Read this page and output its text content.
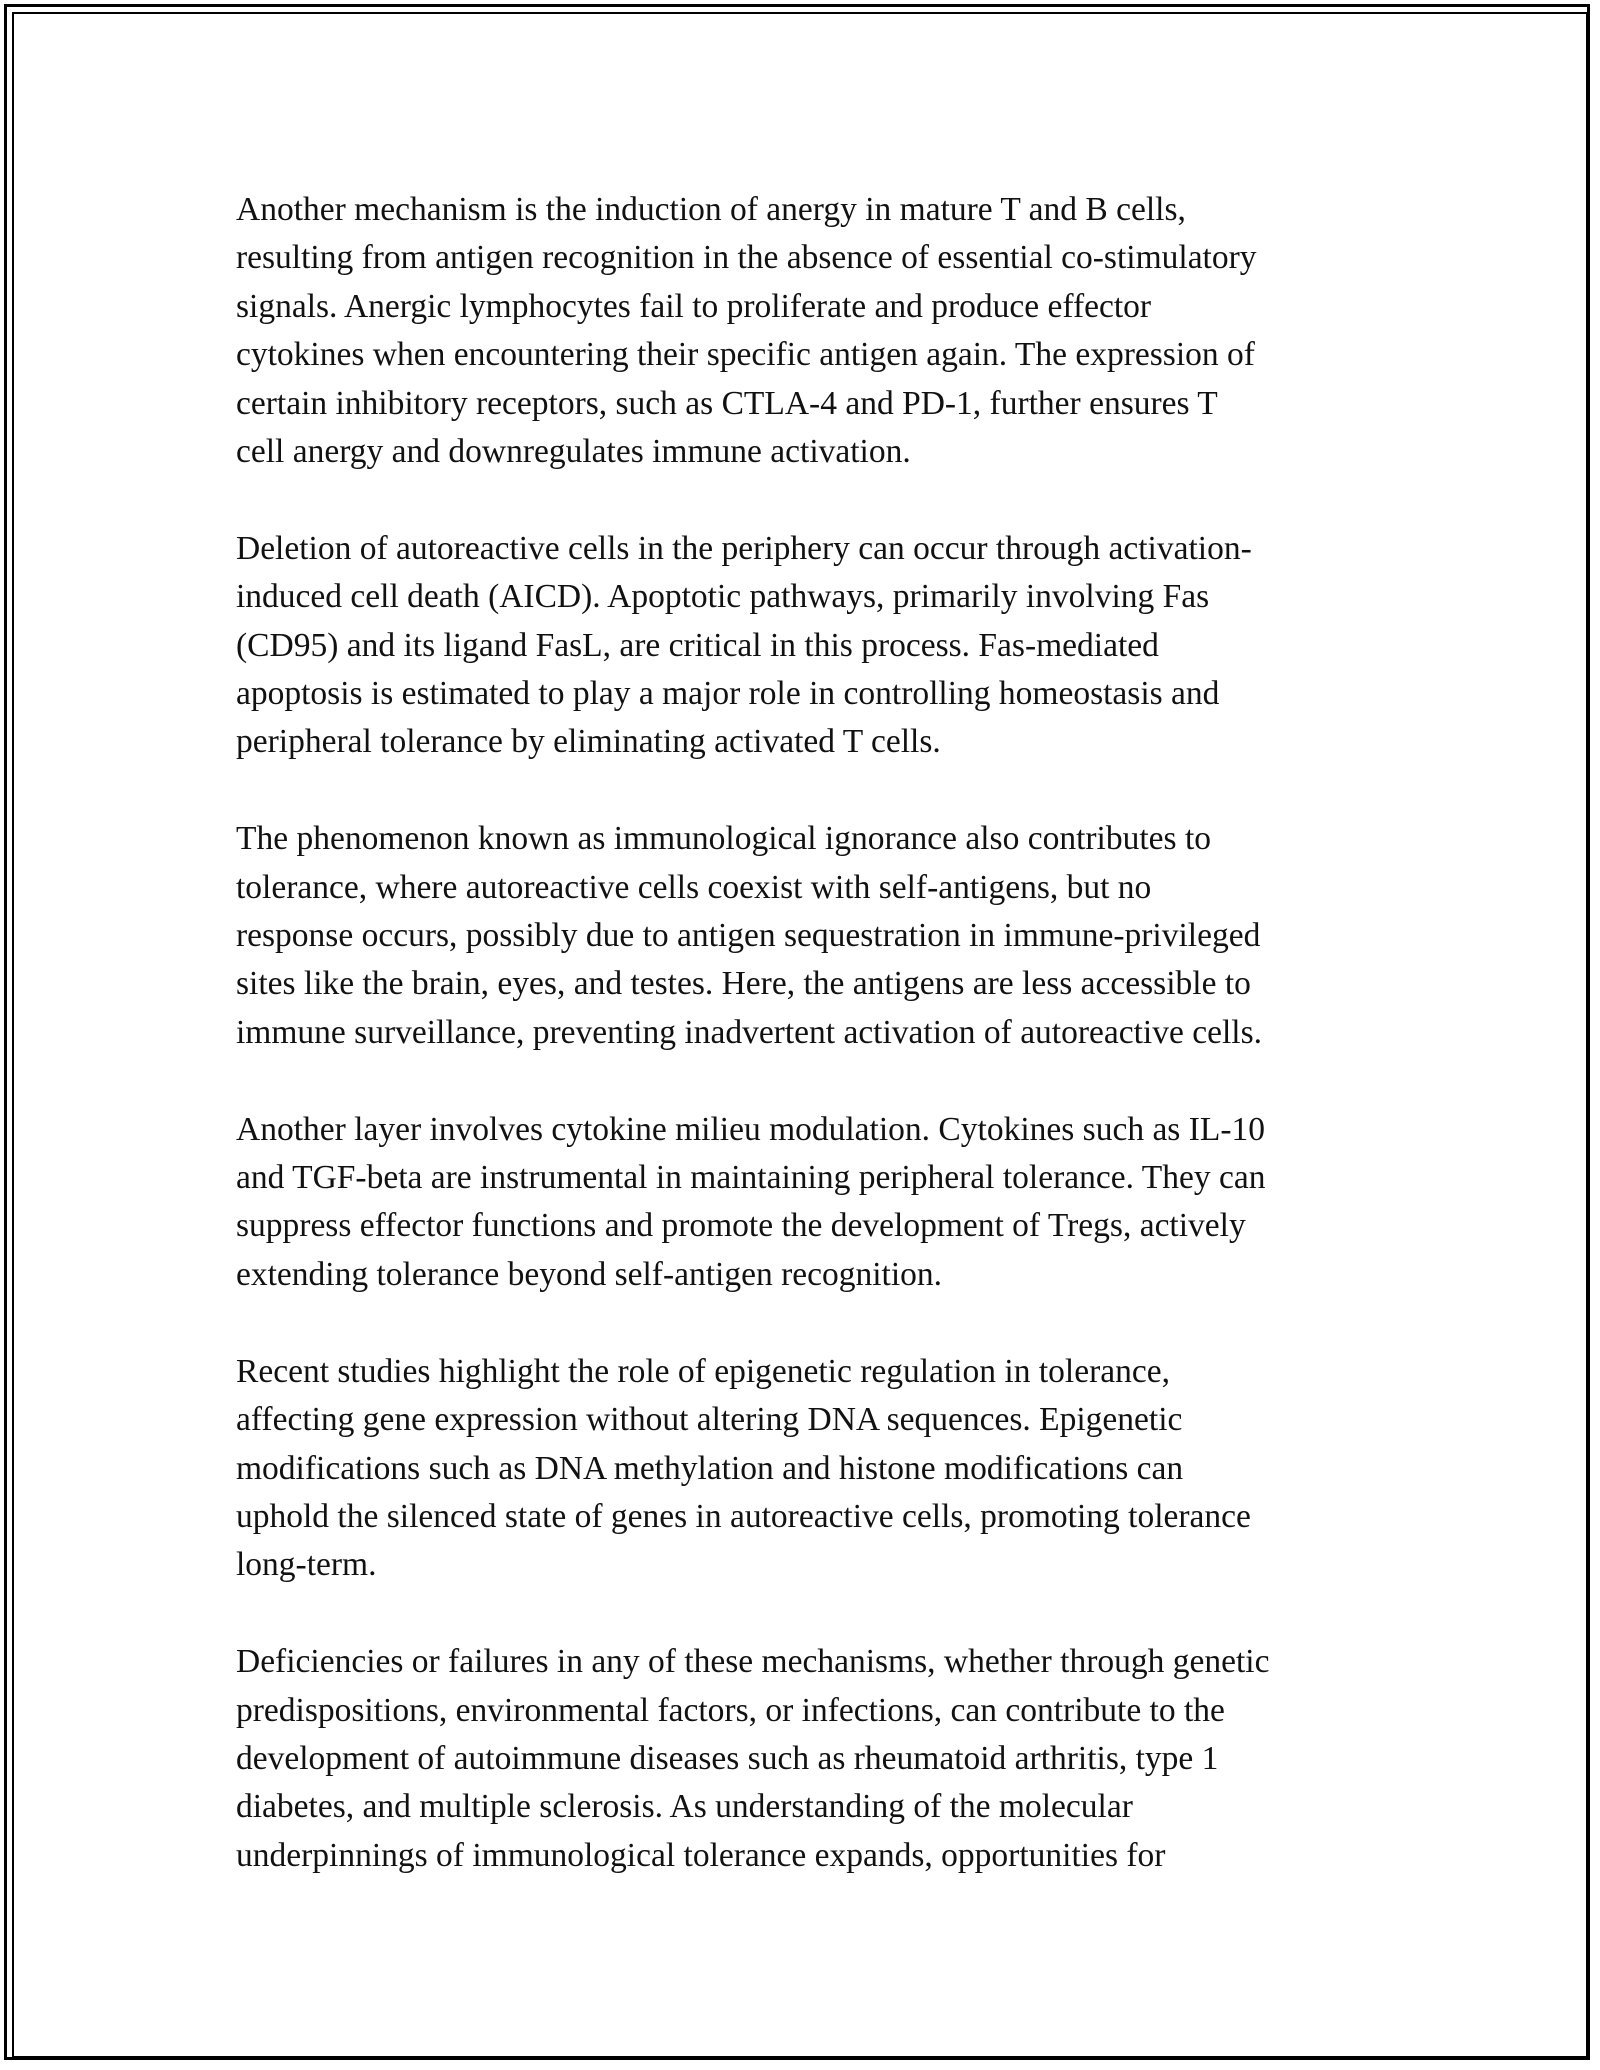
Another mechanism is the induction of anergy in mature T and B cells,
resulting from antigen recognition in the absence of essential co-stimulatory
signals. Anergic lymphocytes fail to proliferate and produce effector
cytokines when encountering their specific antigen again. The expression of
certain inhibitory receptors, such as CTLA-4 and PD-1, further ensures T
cell anergy and downregulates immune activation.

Deletion of autoreactive cells in the periphery can occur through activation-
induced cell death (AICD). Apoptotic pathways, primarily involving Fas
(CD95) and its ligand FasL, are critical in this process. Fas-mediated
apoptosis is estimated to play a major role in controlling homeostasis and
peripheral tolerance by eliminating activated T cells.

The phenomenon known as immunological ignorance also contributes to
tolerance, where autoreactive cells coexist with self-antigens, but no
response occurs, possibly due to antigen sequestration in immune-privileged
sites like the brain, eyes, and testes. Here, the antigens are less accessible to
immune surveillance, preventing inadvertent activation of autoreactive cells.

Another layer involves cytokine milieu modulation. Cytokines such as IL-10
and TGF-beta are instrumental in maintaining peripheral tolerance. They can
suppress effector functions and promote the development of Tregs, actively
extending tolerance beyond self-antigen recognition.

Recent studies highlight the role of epigenetic regulation in tolerance,
affecting gene expression without altering DNA sequences. Epigenetic
modifications such as DNA methylation and histone modifications can
uphold the silenced state of genes in autoreactive cells, promoting tolerance
long-term.

Deficiencies or failures in any of these mechanisms, whether through genetic
predispositions, environmental factors, or infections, can contribute to the
development of autoimmune diseases such as rheumatoid arthritis, type 1
diabetes, and multiple sclerosis. As understanding of the molecular
underpinnings of immunological tolerance expands, opportunities for
